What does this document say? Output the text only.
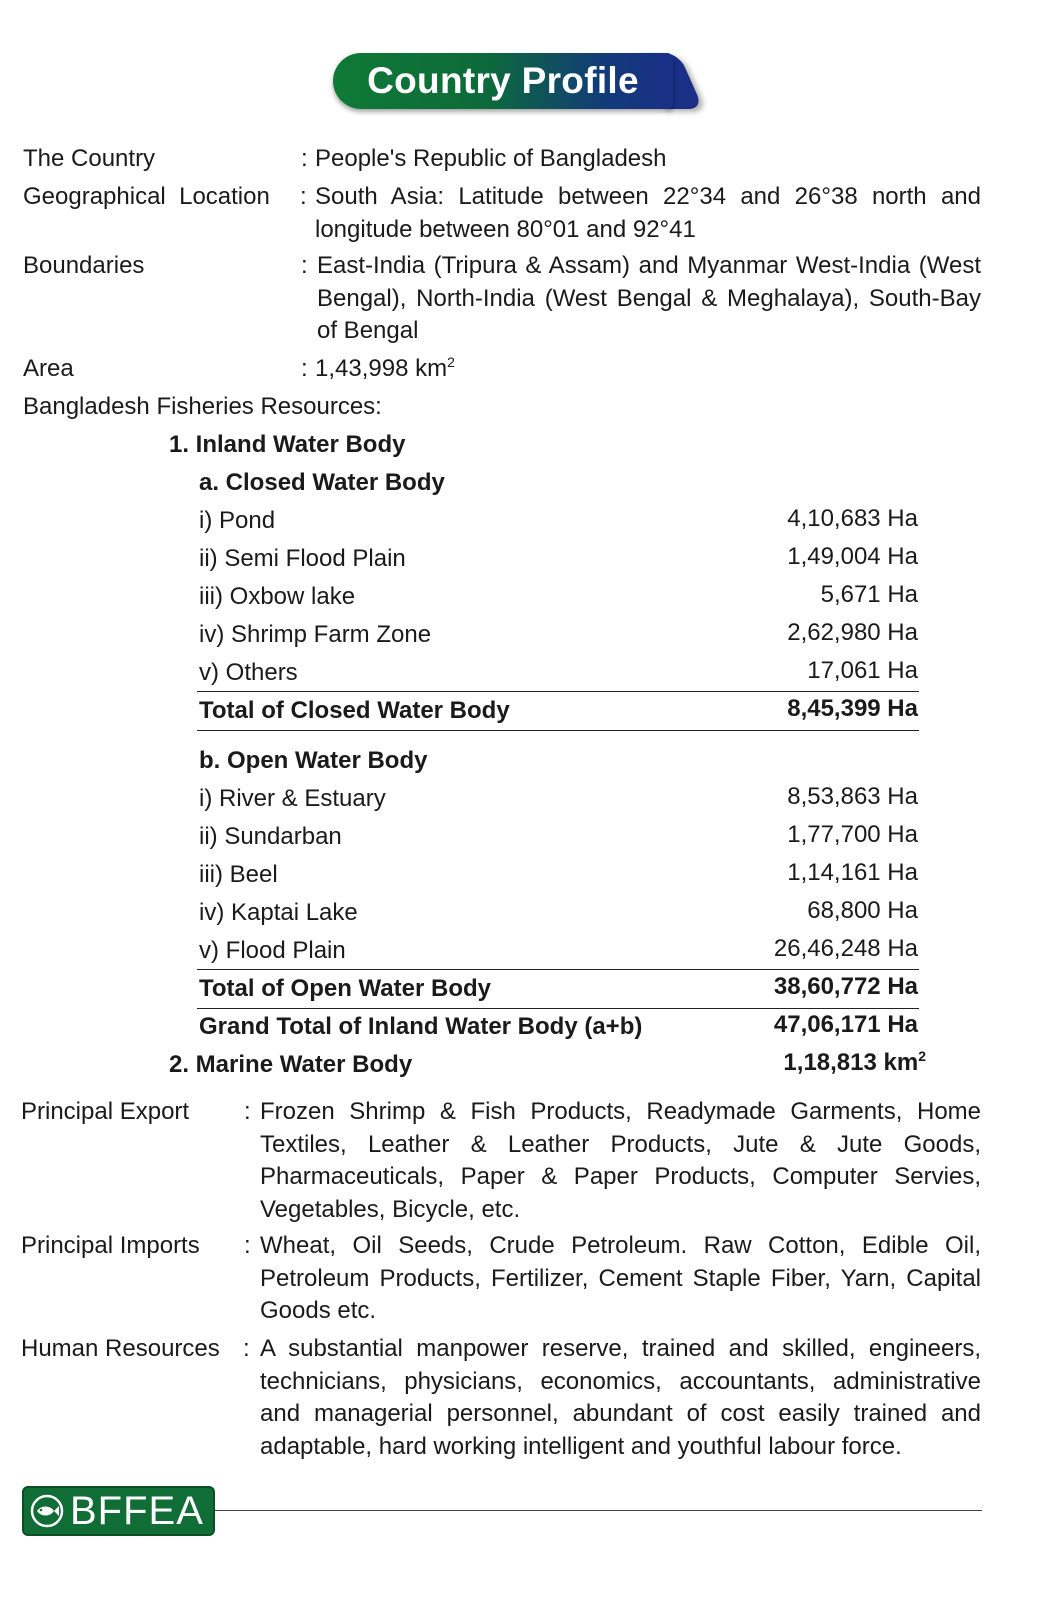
Country Profile
The Country	: People's Republic of Bangladesh
Geographical  Location : South Asia: Latitude between 22°34 and 26°38 north and longitude between 80°01 and 92°41
Boundaries	: East-India (Tripura & Assam) and Myanmar West-India (West Bengal), North-India (West Bengal & Meghalaya), South-Bay of Bengal
Area	: 1,43,998 $km^2$
Bangladesh Fisheries Resources:
1. Inland Water Body
a. Closed Water Body
i) Pond	4,10,683 Ha
ii) Semi Flood Plain	1,49,004 Ha
iii) Oxbow lake	5,671 Ha
iv) Shrimp Farm Zone	2,62,980 Ha
v) Others	17,061 Ha
Total of Closed Water Body	8,45,399 Ha
b. Open Water Body
i) River & Estuary	8,53,863 Ha
ii) Sundarban	1,77,700 Ha
iii) Beel	1,14,161 Ha
iv) Kaptai Lake	68,800 Ha
v) Flood Plain	26,46,248 Ha
Total of Open Water Body	38,60,772 Ha
Grand Total of Inland Water Body (a+b)	47,06,171 Ha
2. Marine Water Body	1,18,813 $km^2$
Principal Export : Frozen Shrimp & Fish Products, Readymade Garments, Home Textiles, Leather & Leather Products, Jute & Jute Goods, Pharmaceuticals, Paper & Paper Products, Computer Servies, Vegetables, Bicycle, etc.
Principal Imports : Wheat, Oil Seeds, Crude Petroleum. Raw Cotton, Edible Oil, Petroleum Products, Fertilizer, Cement Staple Fiber, Yarn, Capital Goods etc.
Human Resources : A substantial manpower reserve, trained and skilled, engineers, technicians, physicians, economics, accountants, administrative and managerial personnel, abundant of cost easily trained and adaptable, hard working intelligent and youthful labour force.
BFFEA
